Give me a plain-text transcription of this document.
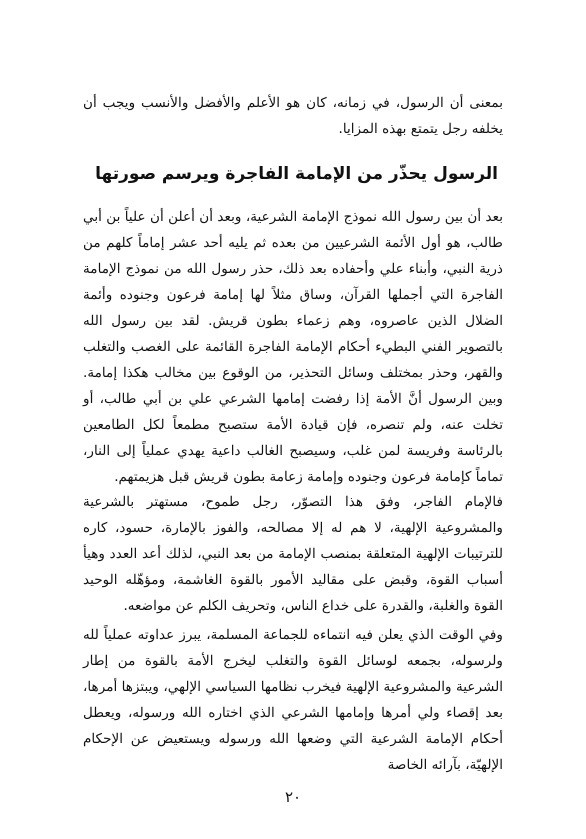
بمعنى أن الرسول، في زمانه، كان هو الأعلم والأفضل والأنسب ويجب أن يخلفه رجل يتمتع بهذه المزايا.

الرسول يحذّر من الإمامة الفاجرة ويرسم صورتها

بعد أن بين رسول الله نموذج الإمامة الشرعية، وبعد أن أعلن أن علياً بن أبي طالب، هو أول الأئمة الشرعيين من بعده ثم يليه أحد عشر إماماً كلهم من ذرية النبي، وأبناء علي وأحفاده بعد ذلك، حذر رسول الله من نموذج الإمامة الفاجرة التي أجملها القرآن، وساق مثلاً لها إمامة فرعون وجنوده وأئمة الضلال الذين عاصروه، وهم زعماء بطون قريش. لقد بين رسول الله بالتصوير الفني البطيء أحكام الإمامة الفاجرة القائمة على الغصب والتغلب والقهر، وحذر بمختلف وسائل التحذير، من الوقوع بين مخالب هكذا إمامة. وبين الرسول أنَّ الأمة إذا رفضت إمامها الشرعي علي بن أبي طالب، أو تخلت عنه، ولم تنصره، فإن قيادة الأمة ستصبح مطمعاً لكل الطامعين بالرئاسة وفريسة لمن غلب، وسيصبح الغالب داعية يهدي عملياً إلى النار، تماماً كإمامة فرعون وجنوده وإمامة زعامة بطون قريش قبل هزيمتهم.

فالإمام الفاجر، وفق هذا التصوّر، رجل طموح، مستهتر بالشرعية والمشروعية الإلهية، لا هم له إلا مصالحه، والفوز بالإمارة، حسود، كاره للترتيبات الإلهية المتعلقة بمنصب الإمامة من بعد النبي، لذلك أعد العدد وهيأ أسباب القوة، وقبض على مقاليد الأمور بالقوة الغاشمة، ومؤهّله الوحيد القوة والغلبة، والقدرة على خداع الناس، وتحريف الكلم عن مواضعه.

وفي الوقت الذي يعلن فيه انتماءه للجماعة المسلمة، يبرز عداوته عملياً لله ولرسوله، بجمعه لوسائل القوة والتغلب ليخرج الأمة بالقوة من إطار الشرعية والمشروعية الإلهية فيخرب نظامها السياسي الإلهي، ويبتزها أمرها، بعد إقصاء ولي أمرها وإمامها الشرعي الذي اختاره الله ورسوله، ويعطل أحكام الإمامة الشرعية التي وضعها الله ورسوله ويستعيض عن الإحكام الإلهيّة، بآرائه الخاصة

٢٠
